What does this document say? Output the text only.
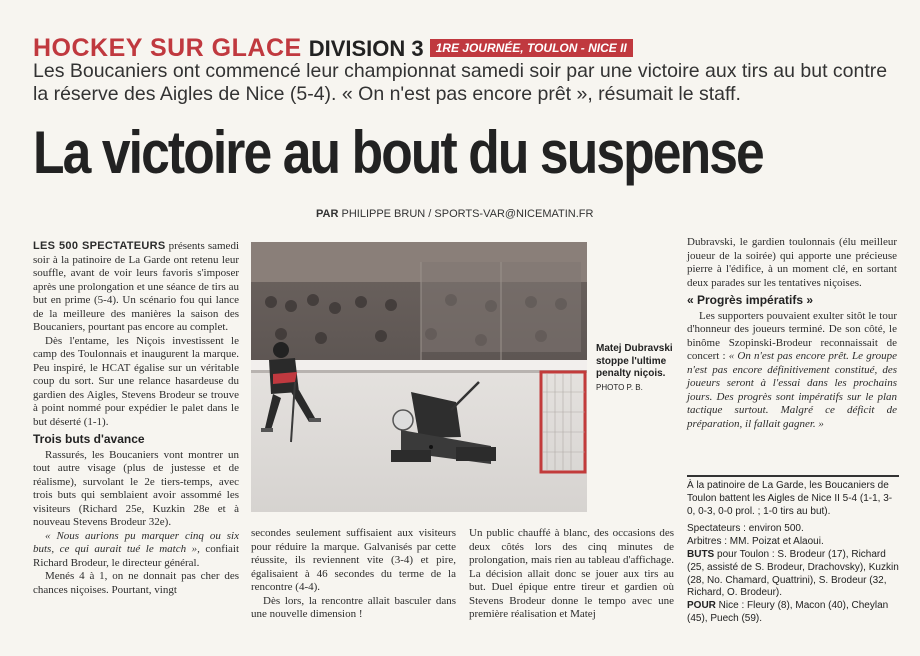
HOCKEY SUR GLACE DIVISION 3	1RE JOURNÉE, TOULON - NICE II
Les Boucaniers ont commencé leur championnat samedi soir par une victoire aux tirs au but contre la réserve des Aigles de Nice (5-4). « On n'est pas encore prêt », résumait le staff.
La victoire au bout du suspense
PAR PHILIPPE BRUN / SPORTS-VAR@NICEMATIN.FR

LES 500 SPECTATEURS présents samedi soir à la patinoire de La Garde ont retenu leur souffle, avant de voir leurs favoris s'imposer après une prolongation et une séance de tirs au but en prime (5-4). Un scénario fou qui lance de la meilleure des manières la saison des Boucaniers, pourtant pas encore au complet.

Dès l'entame, les Niçois investissent le camp des Toulonnais et inaugurent la marque. Peu inspiré, le HCAT égalise sur un véritable coup du sort. Sur une relance hasardeuse du gardien des Aigles, Stevens Brodeur se trouve à point nommé pour expédier le palet dans le but déserté (1-1).

Trois buts d'avance

Rassurés, les Boucaniers vont montrer un tout autre visage (plus de justesse et de réalisme), survolant le 2e tiers-temps, avec trois buts qui semblaient avoir assommé les visiteurs (Richard 25e, Kuzkin 28e et à nouveau Stevens Brodeur 32e).

« Nous aurions pu marquer cinq ou six buts, ce qui aurait tué le match », confiait Richard Brodeur, le directeur général.

Menés 4 à 1, on ne donnait pas cher des chances niçoises. Pourtant, vingt

Matej Dubravski stoppe l'ultime penalty niçois.
PHOTO P. B.

secondes seulement suffisaient aux visiteurs pour réduire la marque. Galvanisés par cette réussite, ils reviennent vite (3-4) et pire, égalisaient à 46 secondes du terme de la rencontre (4-4).

Dès lors, la rencontre allait basculer dans une nouvelle dimension !

Un public chauffé à blanc, des occasions des deux côtés lors des cinq minutes de prolongation, mais rien au tableau d'affichage. La décision allait donc se jouer aux tirs au but. Duel épique entre tireur et gardien où Stevens Brodeur donne le tempo avec une première réalisation et Matej

Dubravski, le gardien toulonnais (élu meilleur joueur de la soirée) qui apporte une précieuse pierre à l'édifice, à un moment clé, en sortant deux parades sur les tentatives niçoises.

« Progrès impératifs »

Les supporters pouvaient exulter sitôt le tour d'honneur des joueurs terminé. De son côté, le binôme Szopinski-Brodeur reconnaissait de concert : « On n'est pas encore prêt. Le groupe n'est pas encore définitivement constitué, des joueurs seront à l'essai dans les prochains jours. Des progrès sont impératifs sur le plan tactique surtout. Malgré ce déficit de préparation, il fallait gagner. »

À la patinoire de La Garde, les Boucaniers de Toulon battent les Aigles de Nice II 5-4 (1-1, 3-0, 0-3, 0-0 prol. ; 1-0 tirs au but).

Spectateurs : environ 500.

Arbitres : MM. Poizat et Alaoui.

BUTS pour Toulon : S. Brodeur (17), Richard (25, assisté de S. Brodeur, Drachovsky), Kuzkin (28, No. Chamard, Quattrini), S. Brodeur (32, Richard, O. Brodeur).

POUR Nice : Fleury (8), Macon (40), Cheylan (45), Puech (59).
